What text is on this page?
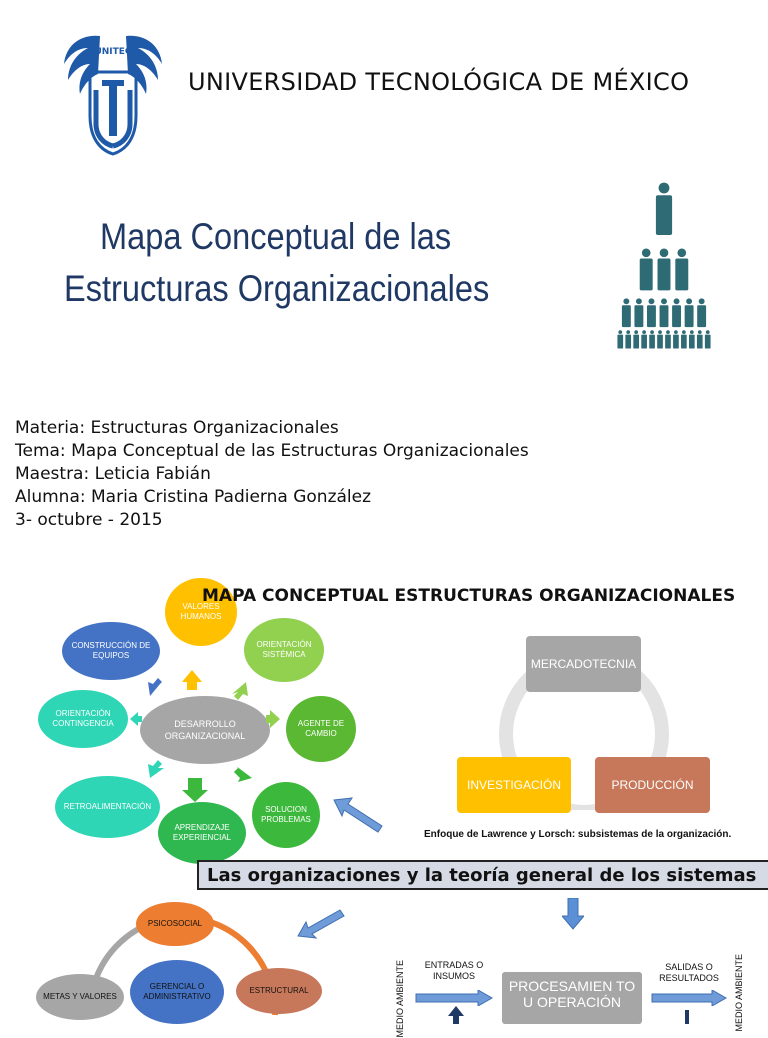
UNITEC
UNIVERSIDAD TECNOLÓGICA DE MÉXICO
Mapa Conceptual de las
Estructuras Organizacionales
Materia: Estructuras Organizacionales
Tema: Mapa Conceptual de las Estructuras Organizacionales
Maestra: Leticia Fabián
Alumna: Maria Cristina Padierna González
3- octubre - 2015
VALORES HUMANOS
MAPA CONCEPTUAL ESTRUCTURAS ORGANIZACIONALES
CONSTRUCCIÓN DE EQUIPOS
ORIENTACIÓN SISTÉMICA
ORIENTACIÓN CONTINGENCIA	DESARROLLO ORGANIZACIONAL
AGENTE DE CAMBIO
RETROALIMENTACIÓN	SOLUCION PROBLEMAS
APRENDIZAJE EXPERIENCIAL
MERCADOTECNIA
INVESTIGACIÓN	PRODUCCIÓN
Enfoque de Lawrence y Lorsch: subsistemas de la organización.
Las organizaciones y la teoría general de los sistemas
PSICOSOCIAL
METAS Y VALORES
GERENCIAL O ADMINISTRATIVO
ESTRUCTURAL	MEDIO AMBIENTE	ENTRADAS O INSUMOS
PROCESAMIEN TO U OPERACIÓN
SALIDAS O RESULTADOS	MEDIO AMBIENTE
